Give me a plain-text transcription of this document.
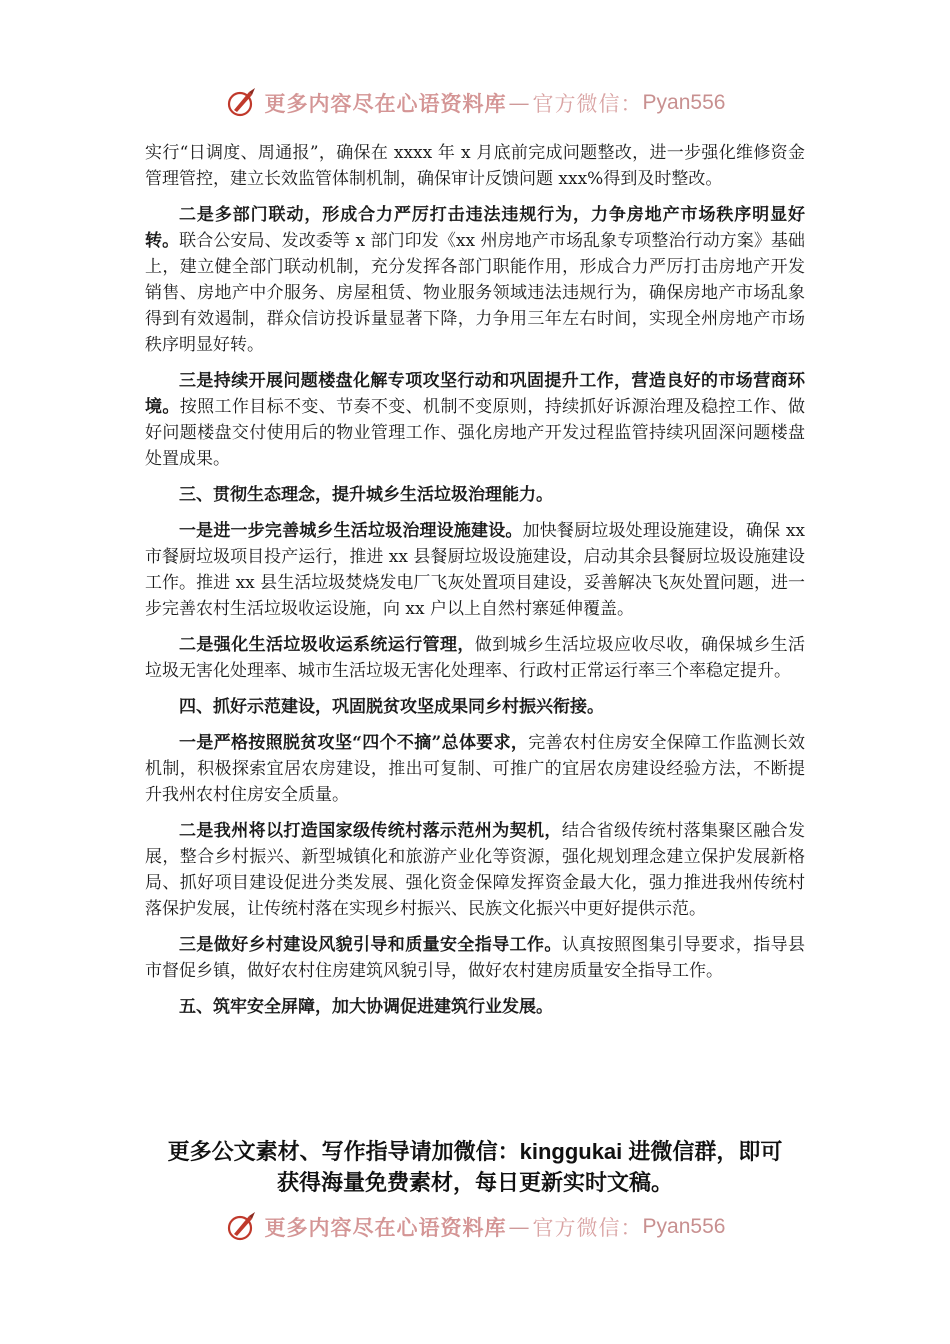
更多内容尽在心语资料库 — 官方微信： Pyan556

实行“日调度、周通报”，确保在 xxxx 年 x 月底前完成问题整改，进一步强化维修资金管理管控，建立长效监管体制机制，确保审计反馈问题 xxx%得到及时整改。

二是多部门联动，形成合力严厉打击违法违规行为，力争房地产市场秩序明显好转。联合公安局、发改委等 x 部门印发《xx 州房地产市场乱象专项整治行动方案》基础上，建立健全部门联动机制，充分发挥各部门职能作用，形成合力严厉打击房地产开发销售、房地产中介服务、房屋租赁、物业服务领域违法违规行为，确保房地产市场乱象得到有效遏制，群众信访投诉量显著下降，力争用三年左右时间，实现全州房地产市场秩序明显好转。

三是持续开展问题楼盘化解专项攻坚行动和巩固提升工作，营造良好的市场营商环境。按照工作目标不变、节奏不变、机制不变原则，持续抓好诉源治理及稳控工作、做好问题楼盘交付使用后的物业管理工作、强化房地产开发过程监管持续巩固深问题楼盘处置成果。

三、贯彻生态理念，提升城乡生活垃圾治理能力。

一是进一步完善城乡生活垃圾治理设施建设。加快餐厨垃圾处理设施建设，确保 xx 市餐厨垃圾项目投产运行，推进 xx 县餐厨垃圾设施建设，启动其余县餐厨垃圾设施建设工作。推进 xx 县生活垃圾焚烧发电厂飞灰处置项目建设，妥善解决飞灰处置问题，进一步完善农村生活垃圾收运设施，向 xx 户以上自然村寨延伸覆盖。

二是强化生活垃圾收运系统运行管理，做到城乡生活垃圾应收尽收，确保城乡生活垃圾无害化处理率、城市生活垃圾无害化处理率、行政村正常运行率三个率稳定提升。

四、抓好示范建设，巩固脱贫攻坚成果同乡村振兴衔接。

一是严格按照脱贫攻坚“四个不摘”总体要求，完善农村住房安全保障工作监测长效机制，积极探索宜居农房建设，推出可复制、可推广的宜居农房建设经验方法，不断提升我州农村住房安全质量。

二是我州将以打造国家级传统村落示范州为契机，结合省级传统村落集聚区融合发展，整合乡村振兴、新型城镇化和旅游产业化等资源，强化规划理念建立保护发展新格局、抓好项目建设促进分类发展、强化资金保障发挥资金最大化，强力推进我州传统村落保护发展，让传统村落在实现乡村振兴、民族文化振兴中更好提供示范。

三是做好乡村建设风貌引导和质量安全指导工作。认真按照图集引导要求，指导县市督促乡镇，做好农村住房建筑风貌引导，做好农村建房质量安全指导工作。

五、筑牢安全屏障，加大协调促进建筑行业发展。

更多公文素材、写作指导请加微信：kinggukai 进微信群，即可
获得海量免费素材，每日更新实时文稿。
更多内容尽在心语资料库 — 官方微信： Pyan556
